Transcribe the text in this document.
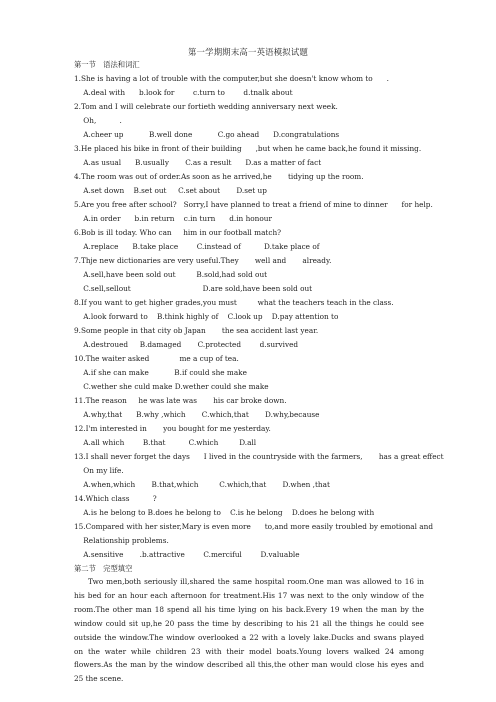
第一学期期末高一英语模拟试题
第一节　语法和词汇
1.She is having a lot of trouble with the computer,but she doesn't know whom to      .
A.deal with      b.look for        c.turn to        d.tnalk about
2.Tom and I will celebrate our fortieth wedding anniversary next week.
Oh,          .
A.cheer up           B.well done           C.go ahead      D.congratulations
3.He placed his bike in front of their building      ,but when he came back,he found it missing.
A.as usual      B.usually       C.as a result      D.as a matter of fact
4.The room was out of order.As soon as he arrived,he       tidying up the room.
A.set down    B.set out     C.set about       D.set up
5.Are you free after school?   Sorry,I have planned to treat a friend of mine to dinner      for help.
A.in order      b.in return    c.in turn      d.in honour
6.Bob is ill today. Who can     him in our football match?
A.replace      B.take place        C.instead of          D.take place of
7.Thje new dictionaries are very useful.They       well and       already.
A.sell,have been sold out         B.sold,had sold out
C.sell,sellout                               D.are sold,have been sold out
8.If you want to get higher grades,you must         what the teachers teach in the class.
A.look forward to    B.think highly of    C.look up    D.pay attention to
9.Some people in that city ob Japan       the sea accident last year.
A.destroued     B.damaged       C.protected        d.survived
10.The waiter asked             me a cup of tea.
A.if she can make           B.if could she make
C.wether she culd make D.wether could she make
11.The reason     he was late was       his car broke down.
A.why,that      B.why ,which       C.which,that       D.why,because
12.I'm interested in       you bought for me yesterday.
A.all which        B.that          C.which         D.all
13.I shall never forget the days      I lived in the countryside with the farmers,       has a great effect
On my life.
A.when,which       B.that,which         C.which,that       D.when ,that
14.Which class          ?
A.is he belong to B.does he belong to    C.is he belong    D.does he belong with
15.Compared with her sister,Mary is even more      to,and more easily troubled by emotional and
Relationship problems.
A.sensitive       .b.attractive        C.merciful        D.valuable
第二节　完型填空
Two men,both seriously ill,shared the same hospital room.One man was allowed to 16 in his bed for an hour each afternoon for treatment.His 17 was next to the only window of the room.The other man 18 spend all his time lying on his back.Every 19 when the man by the window could sit up,he 20 pass the time by describing to his 21 all the things he could see outside the window.The window overlooked a 22 with a lovely lake.Ducks and swans played on the water while children 23 with their model boats.Young lovers walked 24 among flowers.As the man by the window described all this,the other man would close his eyes and 25 the scene.
